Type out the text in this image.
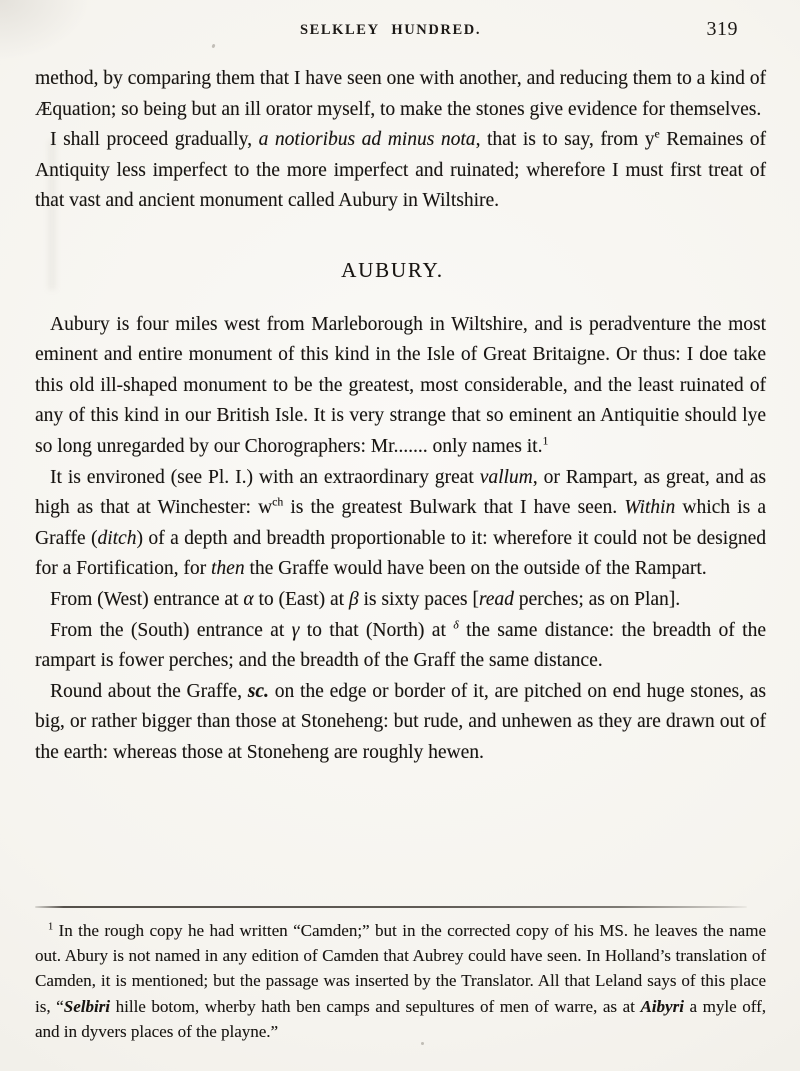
SELKLEY HUNDRED.	319

method, by comparing them that I have seen one with another, and reducing them to a kind of Æquation; so being but an ill orator myself, to make the stones give evidence for themselves.

I shall proceed gradually, a notioribus ad minus nota, that is to say, from $y^e$ Remaines of Antiquity less imperfect to the more imperfect and ruinated; wherefore I must first treat of that vast and ancient monument called Aubury in Wiltshire.

AUBURY.

Aubury is four miles west from Marleborough in Wiltshire, and is peradventure the most eminent and entire monument of this kind in the Isle of Great Britaigne. Or thus: I doe take this old ill-shaped monument to be the greatest, most considerable, and the least ruinated of any of this kind in our British Isle. It is very strange that so eminent an Antiquitie should lye so long unregarded by our Chorographers: Mr....... only names it.$^1$

It is environed (see Pl. I.) with an extraordinary great vallum, or Rampart, as great, and as high as that at Winchester: $w^{ch}$ is the greatest Bulwark that I have seen. Within which is a Graffe (ditch) of a depth and breadth proportionable to it: wherefore it could not be designed for a Fortification, for then the Graffe would have been on the outside of the Rampart.

From (West) entrance at α to (East) at β is sixty paces [read perches; as on Plan].

From the (South) entrance at γ to that (North) at $^\delta$ the same distance: the breadth of the rampart is fower perches; and the breadth of the Graff the same distance.

Round about the Graffe, sc. on the edge or border of it, are pitched on end huge stones, as big, or rather bigger than those at Stoneheng: but rude, and unhewen as they are drawn out of the earth: whereas those at Stoneheng are roughly hewen.

$^1$ In the rough copy he had written “Camden;” but in the corrected copy of his MS. he leaves the name out. Abury is not named in any edition of Camden that Aubrey could have seen. In Holland’s translation of Camden, it is mentioned; but the passage was inserted by the Translator. All that Leland says of this place is, “Selbiri hille botom, wherby hath ben camps and sepultures of men of warre, as at Aibyri a myle off, and in dyvers places of the playne.”
